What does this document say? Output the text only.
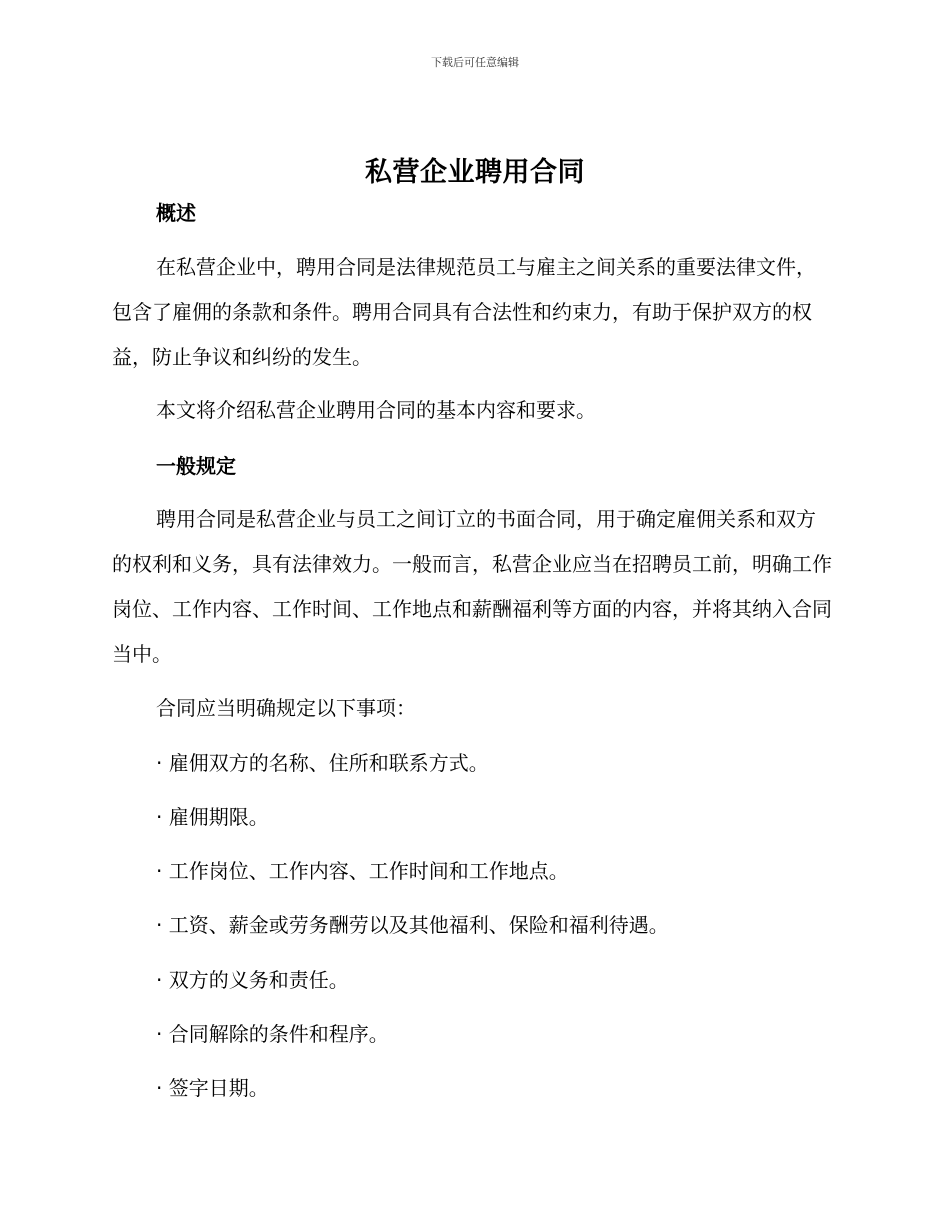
下载后可任意编辑
私营企业聘用合同
概述
在私营企业中，聘用合同是法律规范员工与雇主之间关系的重要法律文件，包含了雇佣的条款和条件。聘用合同具有合法性和约束力，有助于保护双方的权益，防止争议和纠纷的发生。
本文将介绍私营企业聘用合同的基本内容和要求。
一般规定
聘用合同是私营企业与员工之间订立的书面合同，用于确定雇佣关系和双方的权利和义务，具有法律效力。一般而言，私营企业应当在招聘员工前，明确工作岗位、工作内容、工作时间、工作地点和薪酬福利等方面的内容，并将其纳入合同当中。
合同应当明确规定以下事项：
· 雇佣双方的名称、住所和联系方式。
· 雇佣期限。
· 工作岗位、工作内容、工作时间和工作地点。
· 工资、薪金或劳务酬劳以及其他福利、保险和福利待遇。
· 双方的义务和责任。
· 合同解除的条件和程序。
· 签字日期。
